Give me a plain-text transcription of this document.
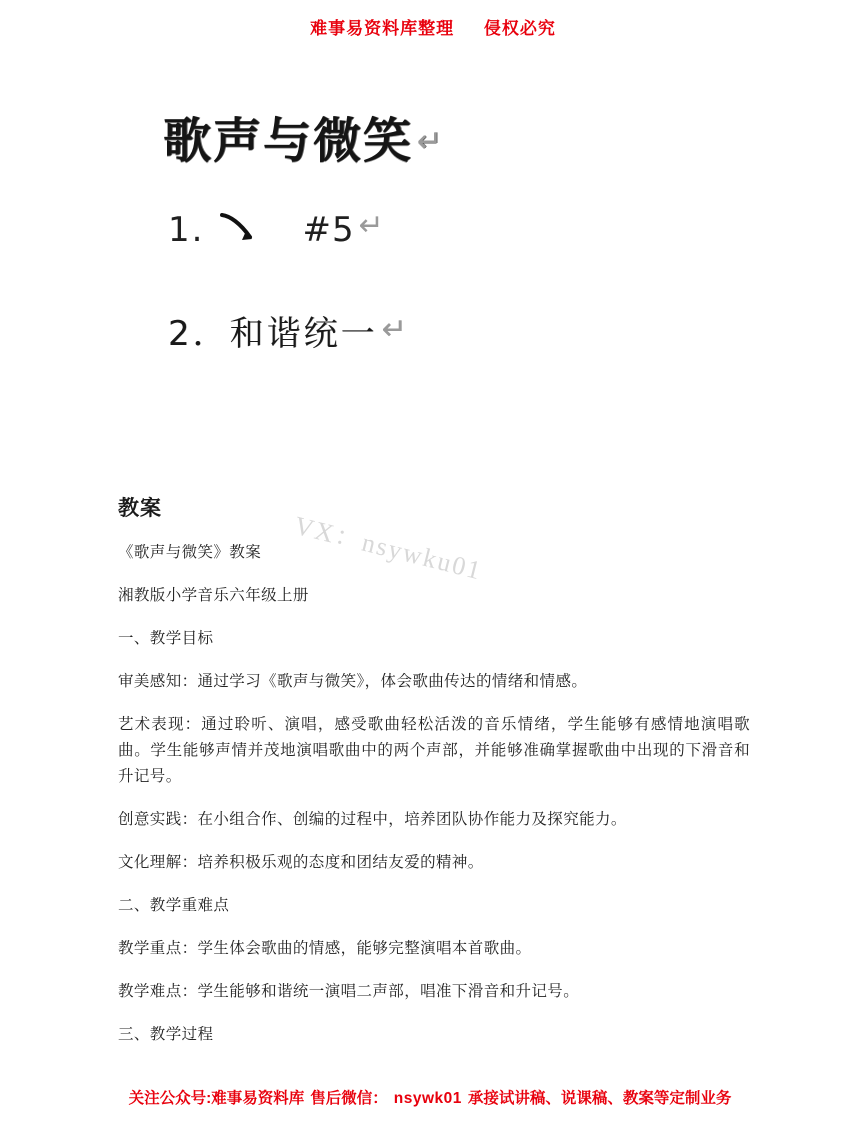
难事易资料库整理 侵权必究
歌声与微笑 ↵
1.	#5 ↵
2．和谐统一 ↵
VX：nsywku01
教案

《歌声与微笑》教案

湘教版小学音乐六年级上册

一、教学目标

审美感知：通过学习《歌声与微笑》，体会歌曲传达的情绪和情感。

艺术表现：通过聆听、演唱，感受歌曲轻松活泼的音乐情绪，学生能够有感情地演唱歌曲。学生能够声情并茂地演唱歌曲中的两个声部，并能够准确掌握歌曲中出现的下滑音和升记号。

创意实践：在小组合作、创编的过程中，培养团队协作能力及探究能力。

文化理解：培养积极乐观的态度和团结友爱的精神。

二、教学重难点

教学重点：学生体会歌曲的情感，能够完整演唱本首歌曲。

教学难点：学生能够和谐统一演唱二声部，唱准下滑音和升记号。

三、教学过程

关注公众号:难事易资料库 售后微信： nsywk01 承接试讲稿、说课稿、教案等定制业务
